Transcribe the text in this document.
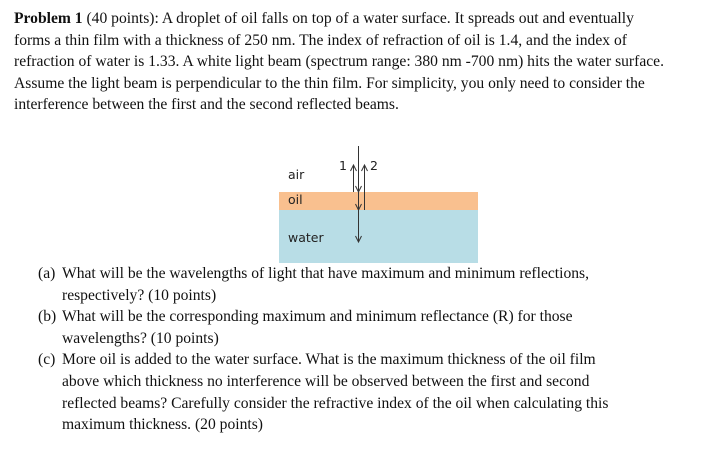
Problem 1 (40 points): A droplet of oil falls on top of a water surface. It spreads out and eventually
forms a thin film with a thickness of 250 nm. The index of refraction of oil is 1.4, and the index of
refraction of water is 1.33. A white light beam (spectrum range: 380 nm -700 nm) hits the water surface.
Assume the light beam is perpendicular to the thin film. For simplicity, you only need to consider the
interference between the first and the second reflected beams.
air
oil
water
1 2
(a) What will be the wavelengths of light that have maximum and minimum reflections,
respectively? (10 points)
(b) What will be the corresponding maximum and minimum reflectance (R) for those
wavelengths? (10 points)
(c) More oil is added to the water surface. What is the maximum thickness of the oil film
above which thickness no interference will be observed between the first and second
reflected beams? Carefully consider the refractive index of the oil when calculating this
maximum thickness. (20 points)
